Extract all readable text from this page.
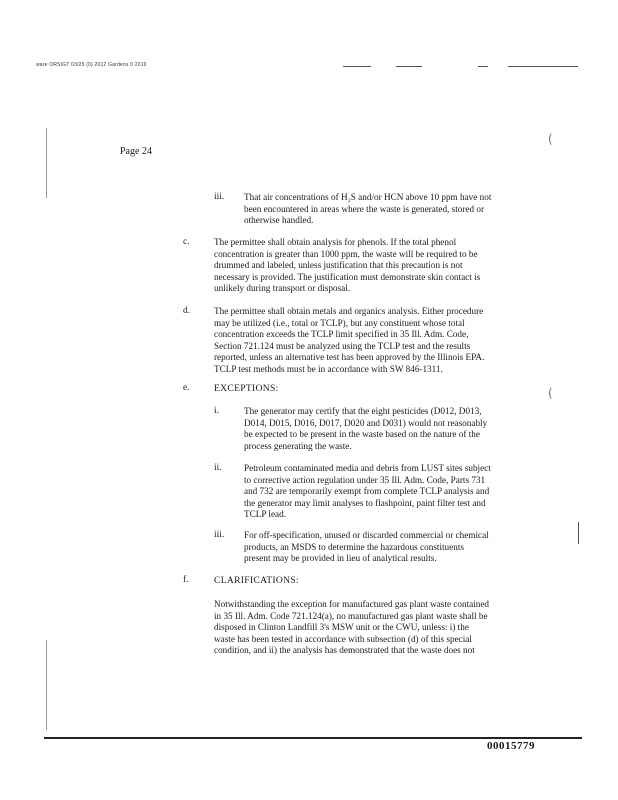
ware ORSIGT 03/25 (0) 2012 Gardens 0 2019
(
(
Page 24
iii. That air concentrations of H₂S and/or HCN above 10 ppm have not
been encountered in areas where the waste is generated, stored or
otherwise handled.
c.	The permittee shall obtain analysis for phenols. If the total phenol
concentration is greater than 1000 ppm, the waste will be required to be
drummed and labeled, unless justification that this precaution is not
necessary is provided. The justification must demonstrate skin contact is
unlikely during transport or disposal.
d.	The permittee shall obtain metals and organics analysis. Either procedure
may be utilized (i.e., total or TCLP), but any constituent whose total
concentration exceeds the TCLP limit specified in 35 Ill. Adm. Code,
Section 721.124 must be analyzed using the TCLP test and the results
reported, unless an alternative test has been approved by the Illinois EPA.
TCLP test methods must be in accordance with SW 846-1311.
e.	EXCEPTIONS:
i.	The generator may certify that the eight pesticides (D012, D013,
D014, D015, D016, D017, D020 and D031) would not reasonably
be expected to be present in the waste based on the nature of the
process generating the waste.
ii. Petroleum contaminated media and debris from LUST sites subject
to corrective action regulation under 35 Ill. Adm. Code, Parts 731
and 732 are temporarily exempt from complete TCLP analysis and
the generator may limit analyses to flashpoint, paint filter test and
TCLP lead.
iii. For off-specification, unused or discarded commercial or chemical
products, an MSDS to determine the hazardous constituents
present may be provided in lieu of analytical results.
f.	CLARIFICATIONS:
Notwithstanding the exception for manufactured gas plant waste contained
in 35 Ill. Adm. Code 721.124(a), no manufactured gas plant waste shall be
disposed in Clinton Landfill 3's MSW unit or the CWU, unless: i) the
waste has been tested in accordance with subsection (d) of this special
condition, and ii) the analysis has demonstrated that the waste does not
00015779
